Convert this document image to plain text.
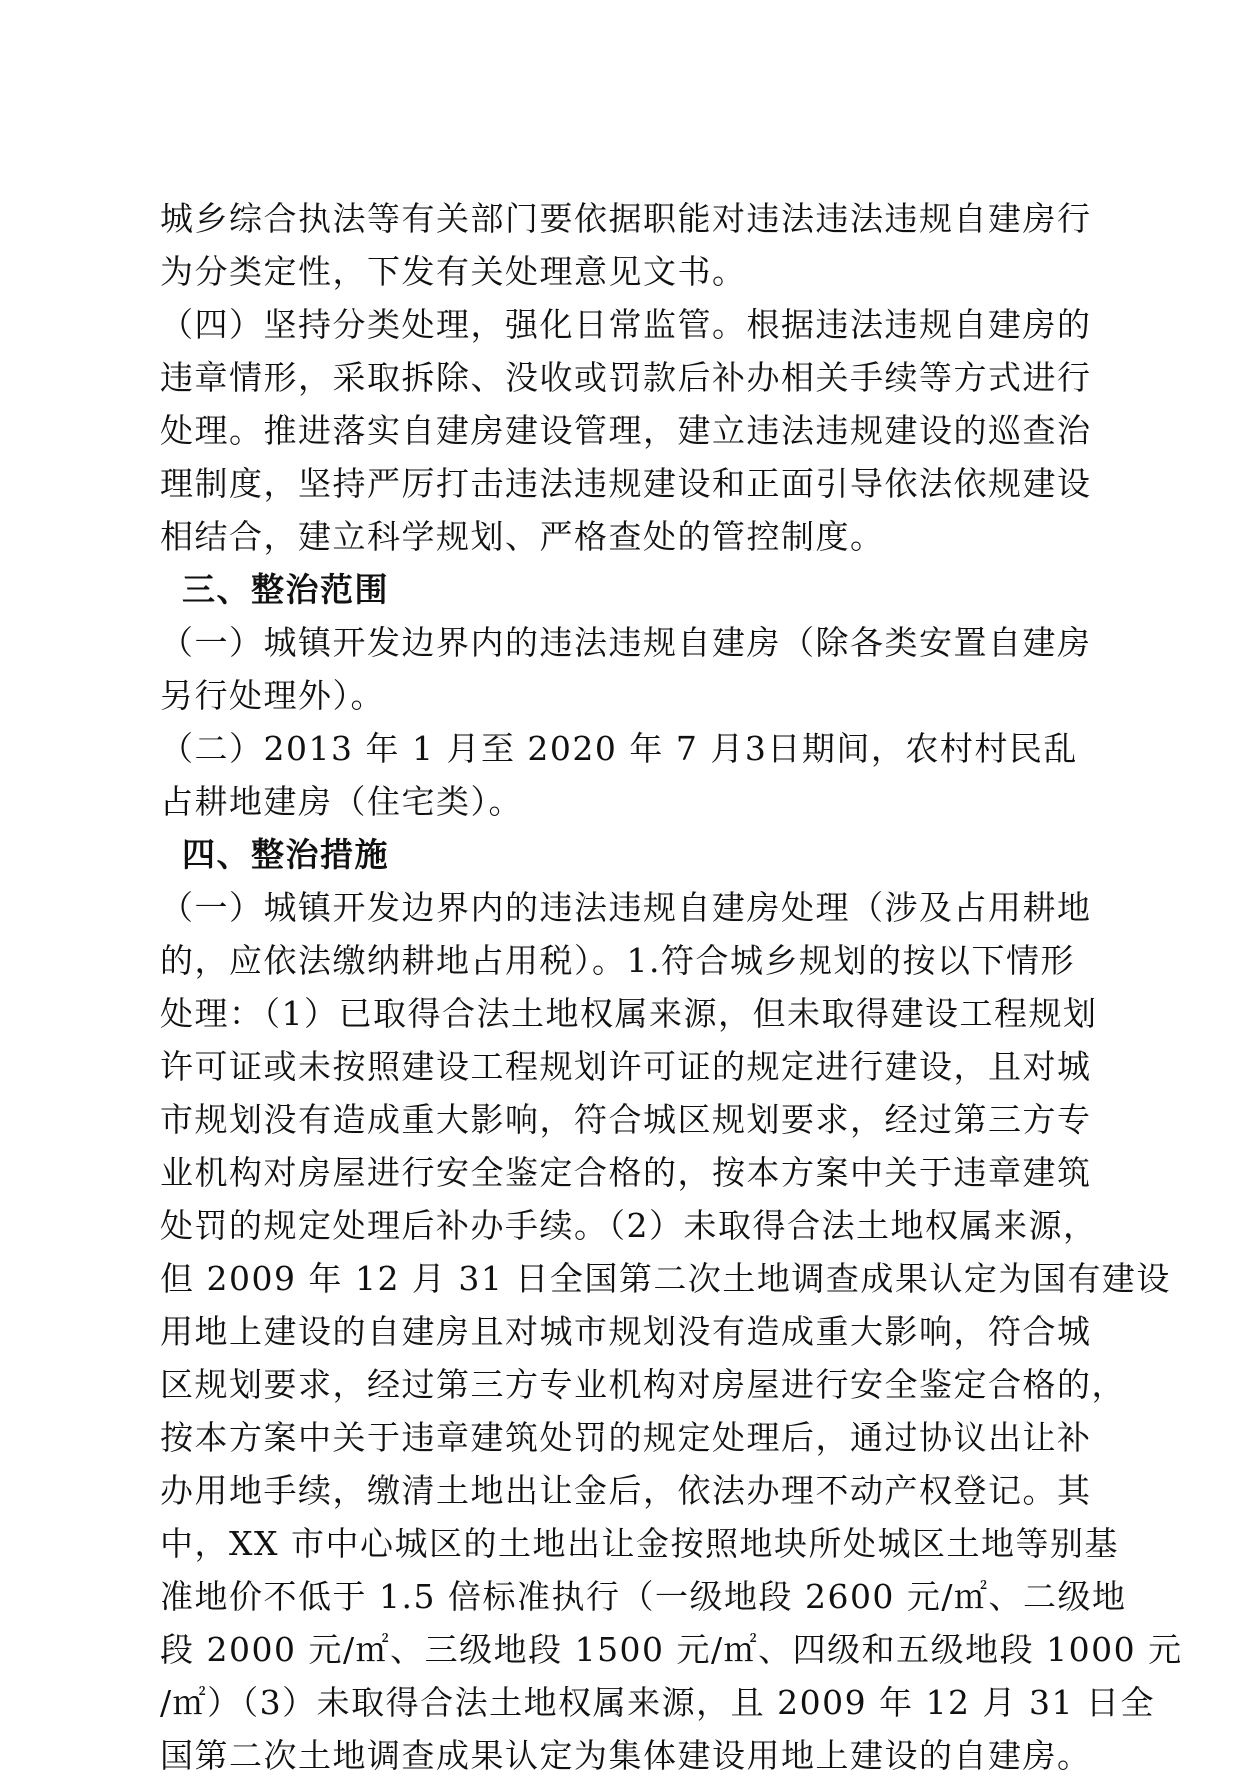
城乡综合执法等有关部门要依据职能对违法违法违规自建房行
为分类定性，下发有关处理意见文书。
（四）坚持分类处理，强化日常监管。根据违法违规自建房的
违章情形，采取拆除、没收或罚款后补办相关手续等方式进行
处理。推进落实自建房建设管理，建立违法违规建设的巡查治
理制度，坚持严厉打击违法违规建设和正面引导依法依规建设
相结合，建立科学规划、严格查处的管控制度。
三、整治范围
（一）城镇开发边界内的违法违规自建房（除各类安置自建房
另行处理外）。
（二）2013 年 1 月至 2020 年 7 月3日期间，农村村民乱
占耕地建房（住宅类）。
四、整治措施
（一）城镇开发边界内的违法违规自建房处理（涉及占用耕地
的，应依法缴纳耕地占用税）。1.符合城乡规划的按以下情形
处理：（1）已取得合法土地权属来源，但未取得建设工程规划
许可证或未按照建设工程规划许可证的规定进行建设，且对城
市规划没有造成重大影响，符合城区规划要求，经过第三方专
业机构对房屋进行安全鉴定合格的，按本方案中关于违章建筑
处罚的规定处理后补办手续。（2）未取得合法土地权属来源，
但 2009 年 12 月 31 日全国第二次土地调查成果认定为国有建设
用地上建设的自建房且对城市规划没有造成重大影响，符合城
区规划要求，经过第三方专业机构对房屋进行安全鉴定合格的，
按本方案中关于违章建筑处罚的规定处理后，通过协议出让补
办用地手续，缴清土地出让金后，依法办理不动产权登记。其
中，XX 市中心城区的土地出让金按照地块所处城区土地等别基
准地价不低于 1.5 倍标准执行（一级地段 2600 元/㎡、二级地
段 2000 元/㎡、三级地段 1500 元/㎡、四级和五级地段 1000 元
/㎡）（3）未取得合法土地权属来源，且 2009 年 12 月 31 日全
国第二次土地调查成果认定为集体建设用地上建设的自建房。
